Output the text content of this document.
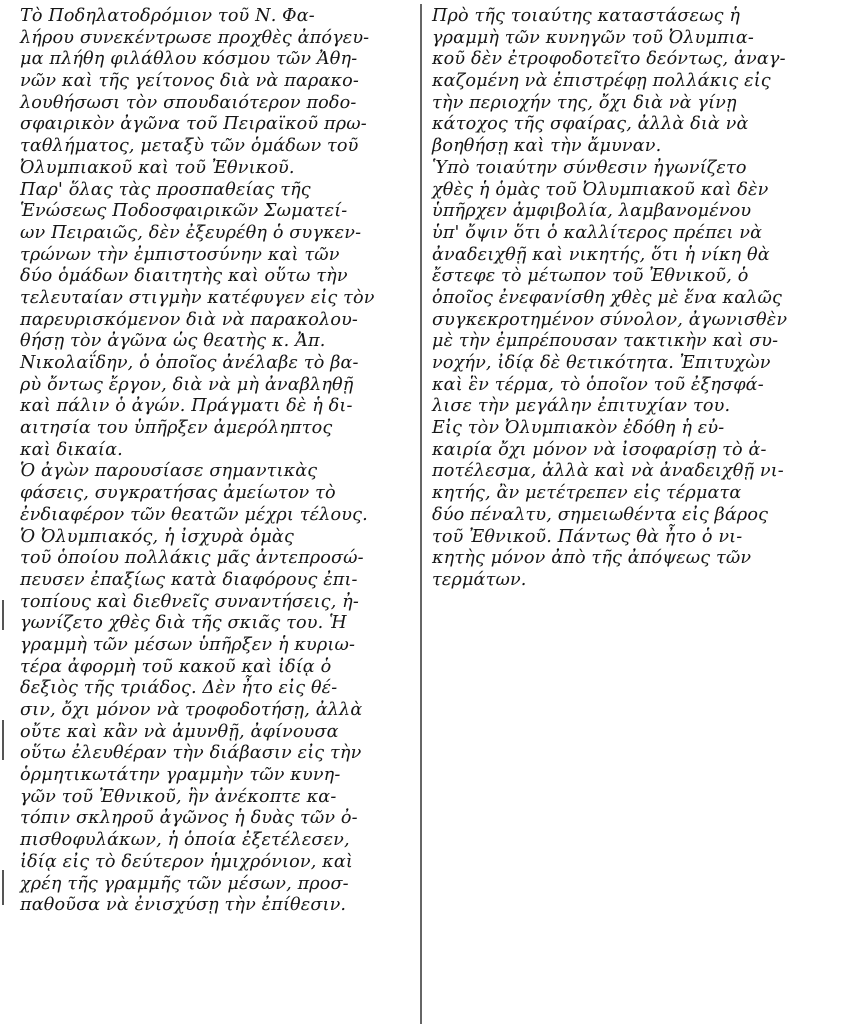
Τὸ Ποδηλατοδρόμιον τοῦ Ν. Φα-
λήρου συνεκέντρωσε προχθὲς ἀπόγευ-
μα πλήθη φιλάθλου κόσμου τῶν Ἀθη-
νῶν καὶ τῆς γείτονος διὰ νὰ παρακο-
λουθήσωσι τὸν σπουδαιότερον ποδο-
σφαιρικὸν ἀγῶνα τοῦ Πειραϊκοῦ πρω-
ταθλήματος, μεταξὺ τῶν ὁμάδων τοῦ
Ὀλυμπιακοῦ καὶ τοῦ Ἐθνικοῦ.
Παρ' ὅλας τὰς προσπαθείας τῆς
Ἑνώσεως Ποδοσφαιρικῶν Σωματεί-
ων Πειραιῶς, δὲν ἐξευρέθη ὁ συγκεν-
τρώνων τὴν ἐμπιστοσύνην καὶ τῶν
δύο ὁμάδων διαιτητὴς καὶ οὕτω τὴν
τελευταίαν στιγμὴν κατέφυγεν εἰς τὸν
παρευρισκόμενον διὰ νὰ παρακολου-
θήσῃ τὸν ἀγῶνα ὡς θεατὴς κ. Ἀπ.
Νικολαΐδην, ὁ ὁποῖος ἀνέλαβε τὸ βα-
ρὺ ὄντως ἔργον, διὰ νὰ μὴ ἀναβληθῇ
καὶ πάλιν ὁ ἀγών. Πράγματι δὲ ἡ δι-
αιτησία του ὑπῆρξεν ἀμερόληπτος
καὶ δικαία.
Ὁ ἀγὼν παρουσίασε σημαντικὰς
φάσεις, συγκρατήσας ἀμείωτον τὸ
ἐνδιαφέρον τῶν θεατῶν μέχρι τέλους.
Ὁ Ὀλυμπιακός, ἡ ἰσχυρὰ ὁμὰς
τοῦ ὁποίου πολλάκις μᾶς ἀντεπροσώ-
πευσεν ἐπαξίως κατὰ διαφόρους ἐπι-
τοπίους καὶ διεθνεῖς συναντήσεις, ἠ-
γωνίζετο χθὲς διὰ τῆς σκιᾶς του. Ἡ
γραμμὴ τῶν μέσων ὑπῆρξεν ἡ κυριω-
τέρα ἀφορμὴ τοῦ κακοῦ καὶ ἰδίᾳ ὁ
δεξιὸς τῆς τριάδος. Δὲν ἦτο εἰς θέ-
σιν, ὄχι μόνον νὰ τροφοδοτήσῃ, ἀλλὰ
οὔτε καὶ κἂν νὰ ἀμυνθῇ, ἀφίνουσα
οὕτω ἐλευθέραν τὴν διάβασιν εἰς τὴν
ὁρμητικωτάτην γραμμὴν τῶν κυνη-
γῶν τοῦ Ἐθνικοῦ, ἣν ἀνέκοπτε κα-
τόπιν σκληροῦ ἀγῶνος ἡ δυὰς τῶν ὀ-
πισθοφυλάκων, ἡ ὁποία ἐξετέλεσεν,
ἰδίᾳ εἰς τὸ δεύτερον ἡμιχρόνιον, καὶ
χρέη τῆς γραμμῆς τῶν μέσων, προσ-
παθοῦσα νὰ ἐνισχύσῃ τὴν ἐπίθεσιν.
Πρὸ τῆς τοιαύτης καταστάσεως ἡ
γραμμὴ τῶν κυνηγῶν τοῦ Ὀλυμπια-
κοῦ δὲν ἐτροφοδοτεῖτο δεόντως, ἀναγ-
καζομένη νὰ ἐπιστρέφῃ πολλάκις εἰς
τὴν περιοχήν της, ὄχι διὰ νὰ γίνῃ
κάτοχος τῆς σφαίρας, ἀλλὰ διὰ νὰ
βοηθήσῃ καὶ τὴν ἄμυναν.
Ὑπὸ τοιαύτην σύνθεσιν ἠγωνίζετο
χθὲς ἡ ὁμὰς τοῦ Ὀλυμπιακοῦ καὶ δὲν
ὑπῆρχεν ἀμφιβολία, λαμβανομένου
ὑπ' ὄψιν ὅτι ὁ καλλίτερος πρέπει νὰ
ἀναδειχθῇ καὶ νικητής, ὅτι ἡ νίκη θὰ
ἔστεφε τὸ μέτωπον τοῦ Ἐθνικοῦ, ὁ
ὁποῖος ἐνεφανίσθη χθὲς μὲ ἕνα καλῶς
συγκεκροτημένον σύνολον, ἀγωνισθὲν
μὲ τὴν ἐμπρέπουσαν τακτικὴν καὶ συ-
νοχήν, ἰδίᾳ δὲ θετικότητα. Ἐπιτυχὼν
καὶ ἓν τέρμα, τὸ ὁποῖον τοῦ ἐξησφά-
λισε τὴν μεγάλην ἐπιτυχίαν του.
Εἰς τὸν Ὀλυμπιακὸν ἐδόθη ἡ εὐ-
καιρία ὄχι μόνον νὰ ἰσοφαρίσῃ τὸ ἀ-
ποτέλεσμα, ἀλλὰ καὶ νὰ ἀναδειχθῇ νι-
κητής, ἂν μετέτρεπεν εἰς τέρματα
δύο πέναλτυ, σημειωθέντα εἰς βάρος
τοῦ Ἐθνικοῦ. Πάντως θὰ ἦτο ὁ νι-
κητὴς μόνον ἀπὸ τῆς ἀπόψεως τῶν
τερμάτων.
